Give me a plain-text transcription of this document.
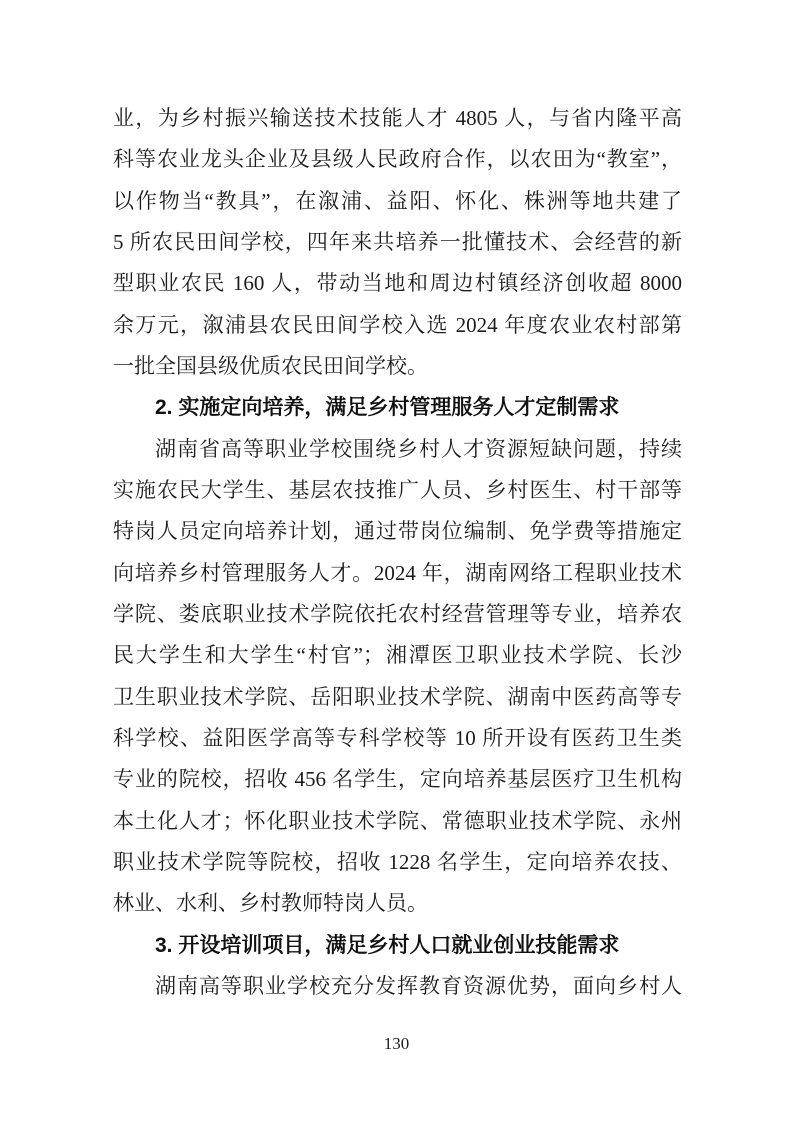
业，为乡村振兴输送技术技能人才 4805 人，与省内隆平高
科等农业龙头企业及县级人民政府合作，以农田为“教室”，
以作物当“教具”，在溆浦、益阳、怀化、株洲等地共建了
5 所农民田间学校，四年来共培养一批懂技术、会经营的新
型职业农民 160 人，带动当地和周边村镇经济创收超 8000
余万元，溆浦县农民田间学校入选 2024 年度农业农村部第
一批全国县级优质农民田间学校。
2. 实施定向培养，满足乡村管理服务人才定制需求
湖南省高等职业学校围绕乡村人才资源短缺问题，持续
实施农民大学生、基层农技推广人员、乡村医生、村干部等
特岗人员定向培养计划，通过带岗位编制、免学费等措施定
向培养乡村管理服务人才。2024 年，湖南网络工程职业技术
学院、娄底职业技术学院依托农村经营管理等专业，培养农
民大学生和大学生“村官”；湘潭医卫职业技术学院、长沙
卫生职业技术学院、岳阳职业技术学院、湖南中医药高等专
科学校、益阳医学高等专科学校等 10 所开设有医药卫生类
专业的院校，招收 456 名学生，定向培养基层医疗卫生机构
本土化人才；怀化职业技术学院、常德职业技术学院、永州
职业技术学院等院校，招收 1228 名学生，定向培养农技、
林业、水利、乡村教师特岗人员。
3. 开设培训项目，满足乡村人口就业创业技能需求
湖南高等职业学校充分发挥教育资源优势，面向乡村人
130
